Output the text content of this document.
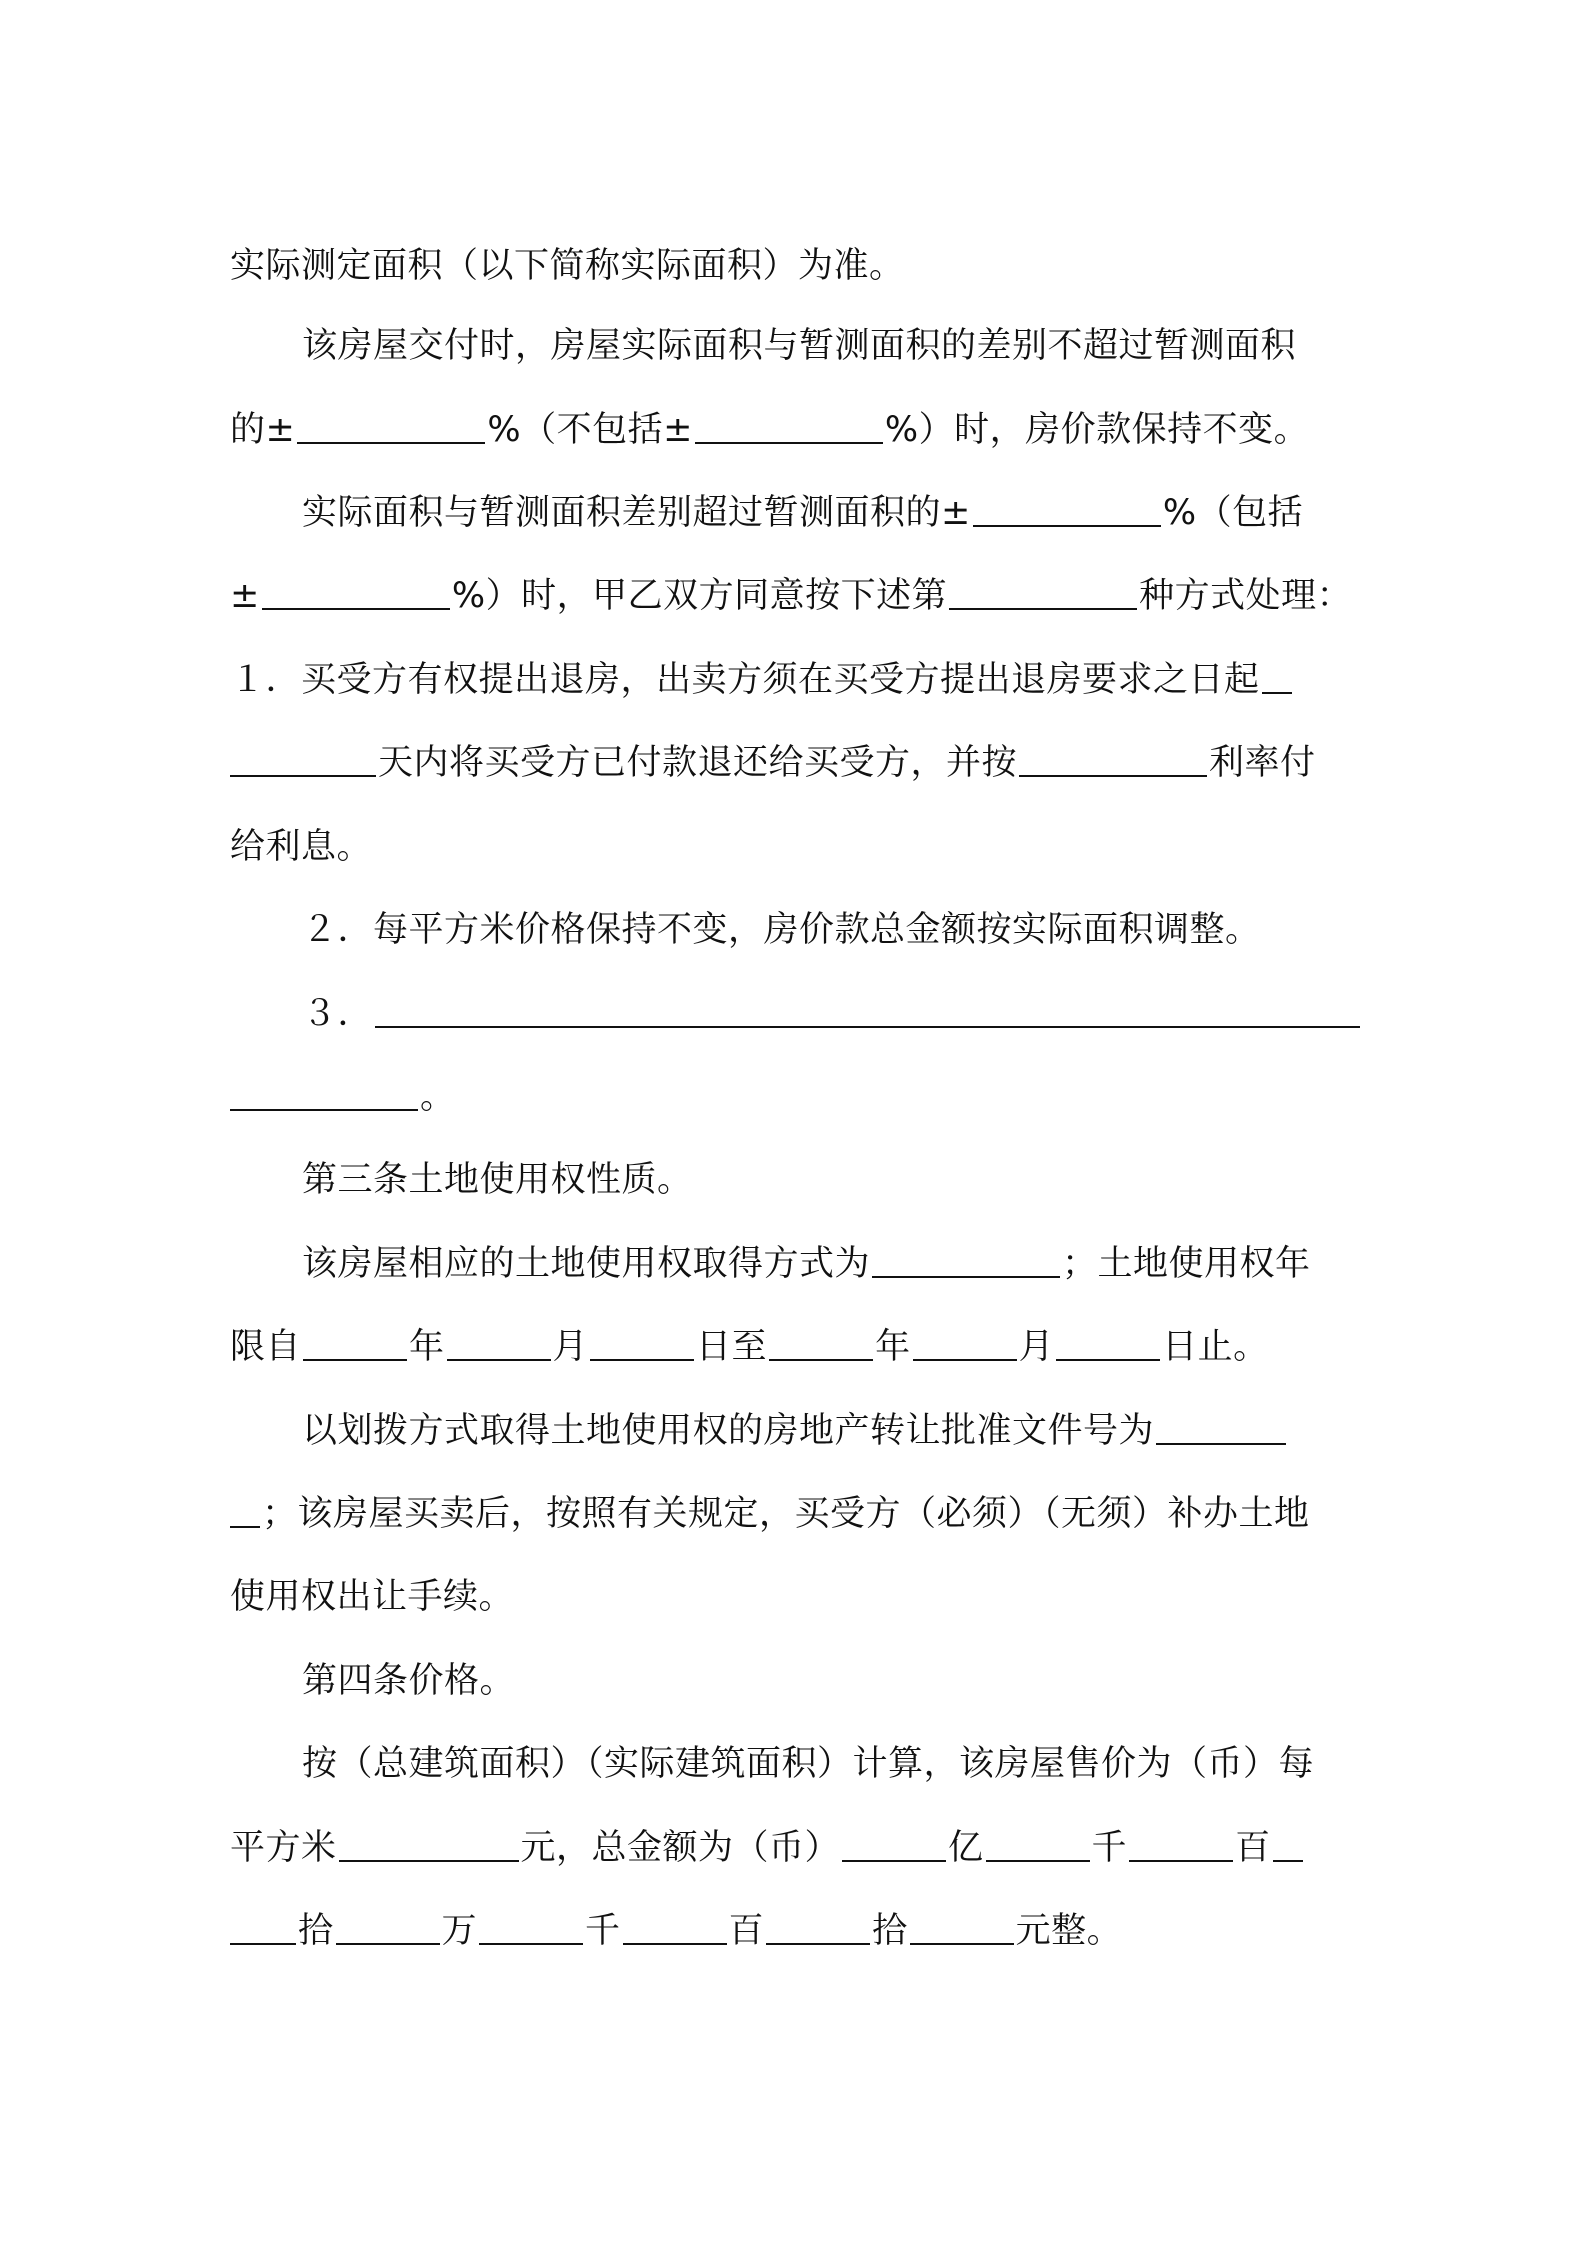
实际测定面积（以下简称实际面积）为准。
该房屋交付时，房屋实际面积与暂测面积的差别不超过暂测面积
的±	%（不包括±	%）时，房价款保持不变。
实际面积与暂测面积差别超过暂测面积的±	%（包括
±	%）时，甲乙双方同意按下述第	种方式处理：
１．买受方有权提出退房，出卖方须在买受方提出退房要求之日起
天内将买受方已付款退还给买受方，并按	利率付
给利息。
２．每平方米价格保持不变，房价款总金额按实际面积调整。
３．
。
第三条土地使用权性质。
该房屋相应的土地使用权取得方式为	；土地使用权年
限自	年	月	日至	年	月	日止。
以划拨方式取得土地使用权的房地产转让批准文件号为
；该房屋买卖后，按照有关规定，买受方（必须）（无须）补办土地
使用权出让手续。
第四条价格。
按（总建筑面积）（实际建筑面积）计算，该房屋售价为（币）每
平方米	元，总金额为（币）	亿	千	百
拾	万	千	百	拾	元整。
